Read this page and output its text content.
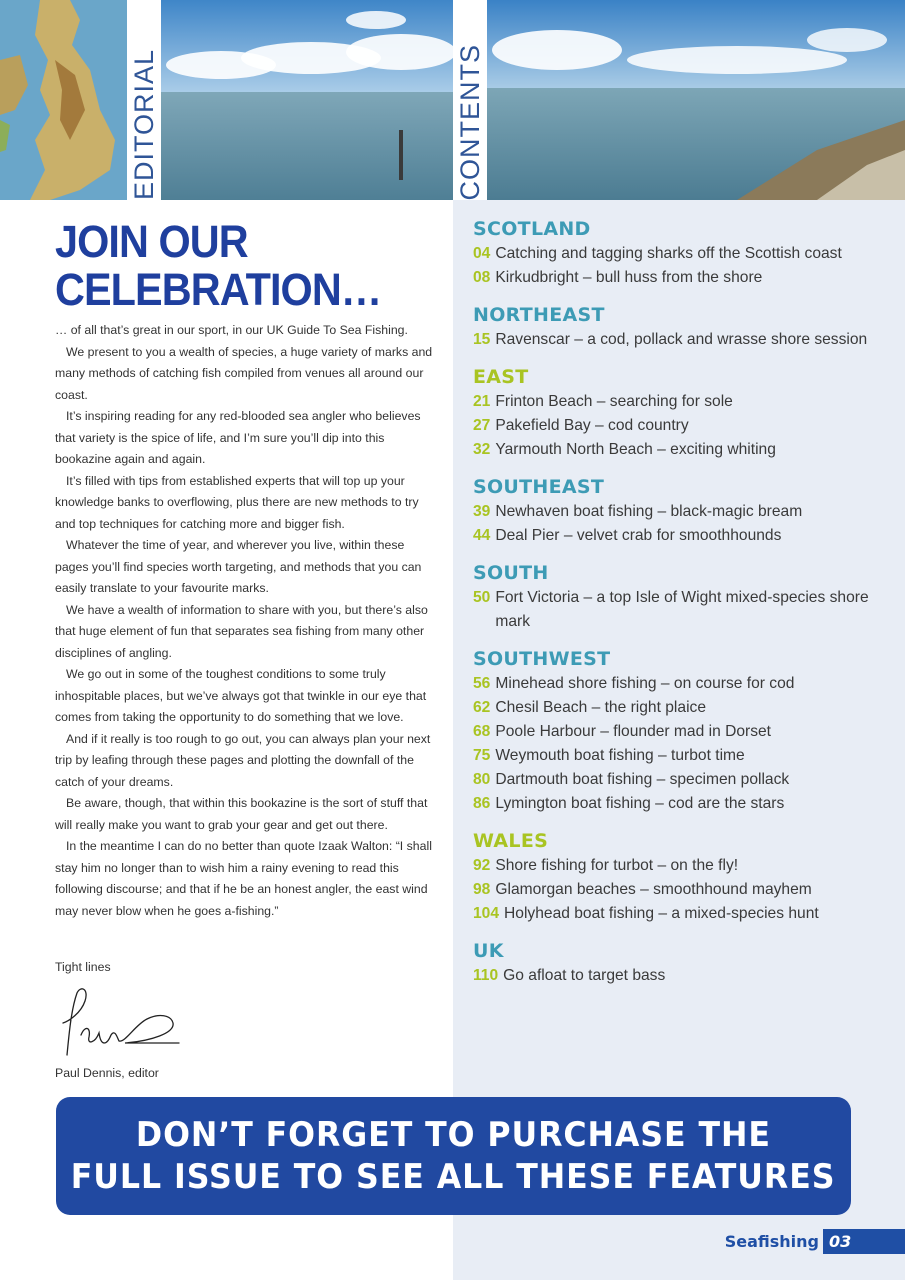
EDITORIAL	CONTENTS
JOIN OUR
CELEBRATION…

… of all that’s great in our sport, in our UK Guide To Sea Fishing.

We present to you a wealth of species, a huge variety of marks and many methods of catching fish compiled from venues all around our coast.

It’s inspiring reading for any red-blooded sea angler who believes that variety is the spice of life, and I’m sure you’ll dip into this bookazine again and again.

It’s filled with tips from established experts that will top up your knowledge banks to overflowing, plus there are new methods to try and top techniques for catching more and bigger fish.

Whatever the time of year, and wherever you live, within these pages you’ll find species worth targeting, and methods that you can easily translate to your favourite marks.

We have a wealth of information to share with you, but there’s also that huge element of fun that separates sea fishing from many other disciplines of angling.

We go out in some of the toughest conditions to some truly inhospitable places, but we’ve always got that twinkle in our eye that comes from taking the opportunity to do something that we love.

And if it really is too rough to go out, you can always plan your next trip by leafing through these pages and plotting the downfall of the catch of your dreams.

Be aware, though, that within this bookazine is the sort of stuff that will really make you want to grab your gear and get out there.

In the meantime I can do no better than quote Izaak Walton: “I shall stay him no longer than to wish him a rainy evening to read this following discourse; and that if he be an honest angler, the east wind may never blow when he goes a-fishing.”

Tight lines
Paul Dennis, editor
SCOTLAND
04 Catching and tagging sharks off the Scottish coast
08 Kirkudbright – bull huss from the shore
NORTHEAST
15 Ravenscar – a cod, pollack and wrasse shore session
EAST
21 Frinton Beach – searching for sole
27 Pakefield Bay – cod country
32 Yarmouth North Beach – exciting whiting
SOUTHEAST
39 Newhaven boat fishing – black-magic bream
44 Deal Pier – velvet crab for smoothhounds
SOUTH
50 Fort Victoria – a top Isle of Wight mixed-species shore mark
SOUTHWEST
56 Minehead shore fishing – on course for cod
62 Chesil Beach – the right plaice
68 Poole Harbour – flounder mad in Dorset
75 Weymouth boat fishing – turbot time
80 Dartmouth boat fishing – specimen pollack
86 Lymington boat fishing – cod are the stars
WALES
92 Shore fishing for turbot – on the fly!
98 Glamorgan beaches – smoothhound mayhem
104 Holyhead boat fishing – a mixed-species hunt
UK
110 Go afloat to target bass
DON’T FORGET TO PURCHASE THE
FULL ISSUE TO SEE ALL THESE FEATURES
Seafishing 03
